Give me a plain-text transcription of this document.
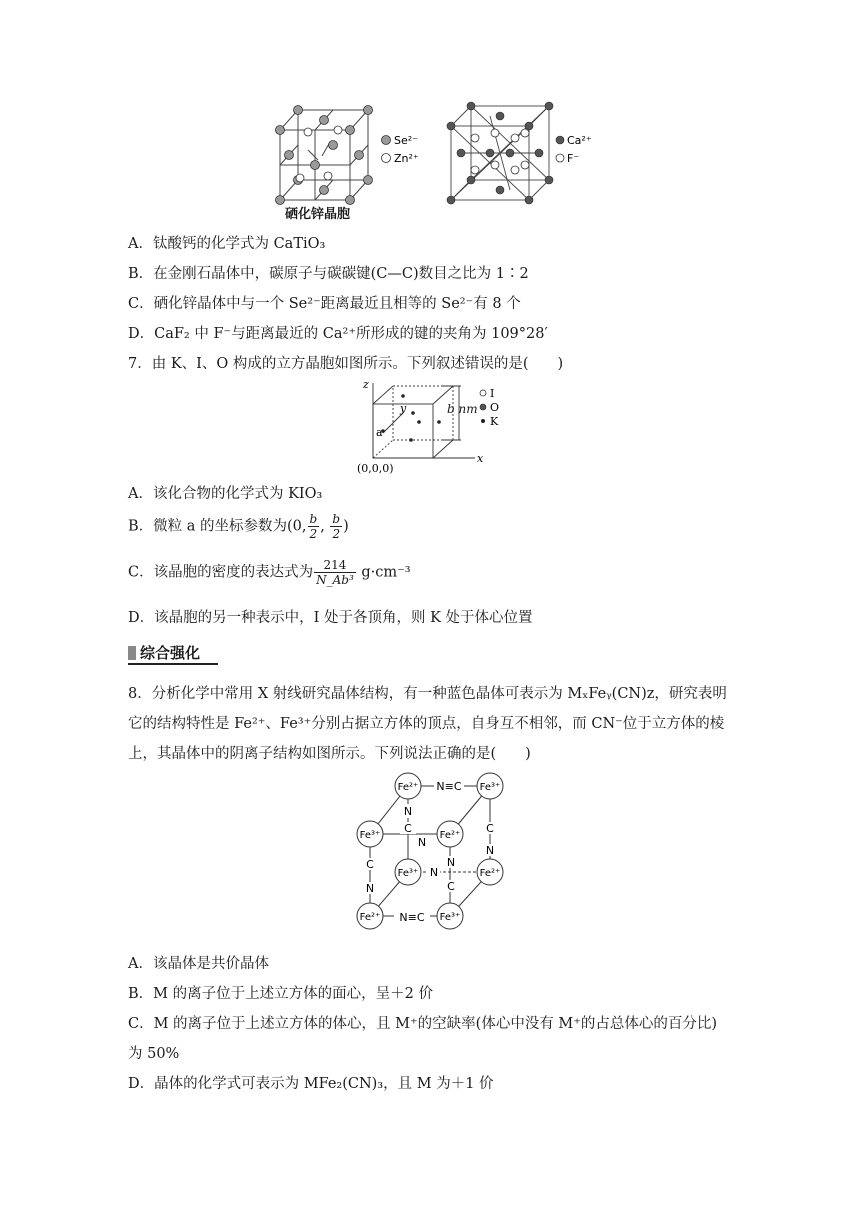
Se²⁻
Zn²⁺
硒化锌晶胞
Ca²⁺
F⁻
A．钛酸钙的化学式为 CaTiO₃
B．在金刚石晶体中，碳原子与碳碳键(C—C)数目之比为 1∶2
C．硒化锌晶体中与一个 Se²⁻距离最近且相等的 Se²⁻有 8 个
D．CaF₂ 中 F⁻与距离最近的 Ca²⁺所形成的键的夹角为 109°28′
7．由 K、I、O 构成的立方晶胞如图所示。下列叙述错误的是(　　)
z
y
a
x
(0,0,0)
b nm
I
O
K
A．该化合物的化学式为 KIO₃
B．微粒 a 的坐标参数为(0, $\frac{b}{2}$ , $\frac{b}{2}$ )
C．该晶胞的密度的表达式为 $\frac{214}{\text{N\_Ab³}} g\cdot cm^{-3}$
D．该晶胞的另一种表示中，I 处于各顶角，则 K 处于体心位置
综合强化
8．分析化学中常用 X 射线研究晶体结构，有一种蓝色晶体可表示为 MₓFeᵧ(CN)z，研究表明
它的结构特性是 Fe²⁺、Fe³⁺分别占据立方体的顶点，自身互不相邻，而 CN⁻位于立方体的棱
上，其晶体中的阴离子结构如图所示。下列说法正确的是(　　)
Fe²⁺	Fe³⁺
Fe³⁺	Fe²⁺
Fe³⁺	Fe²⁺
Fe²⁺	Fe³⁺
N≡C
N≡C
N
C
C
N
C
N
N
C
N
N
A．该晶体是共价晶体
B．M 的离子位于上述立方体的面心，呈＋2 价
C．M 的离子位于上述立方体的体心，且 M⁺的空缺率(体心中没有 M⁺的占总体心的百分比)
为 50%
D．晶体的化学式可表示为 MFe₂(CN)₃，且 M 为＋1 价
